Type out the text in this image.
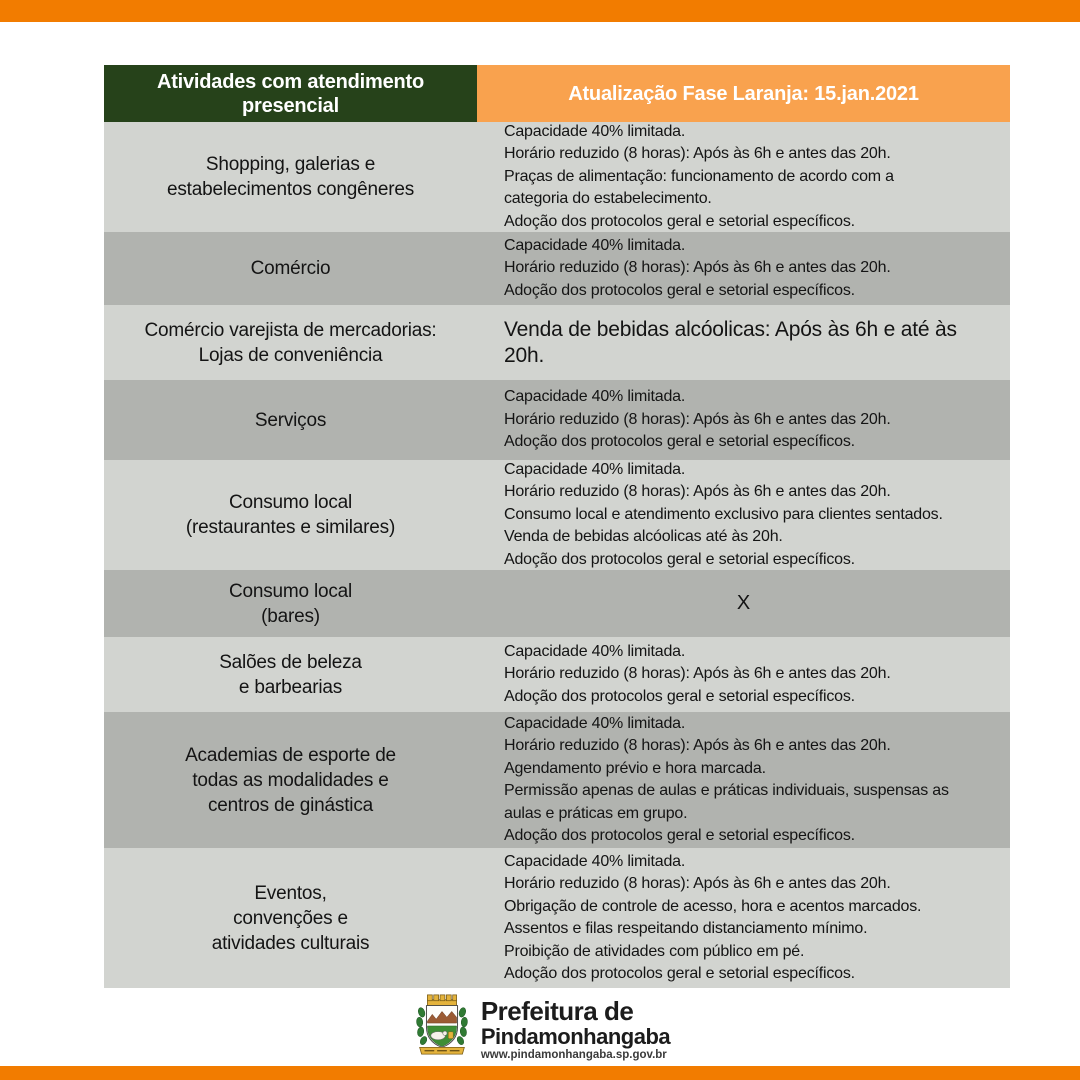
Atividades com atendimento
presencial
Atualização Fase Laranja: 15.jan.2021
Shopping, galerias e
estabelecimentos congêneres
Capacidade 40% limitada.
Horário reduzido (8 horas): Após às 6h e antes das 20h.
Praças de alimentação: funcionamento de acordo com a
categoria do estabelecimento.
Adoção dos protocolos geral e setorial específicos.
Comércio
Capacidade 40% limitada.
Horário reduzido (8 horas): Após às 6h e antes das 20h.
Adoção dos protocolos geral e setorial específicos.
Comércio varejista de mercadorias:
Lojas de conveniência
Venda de bebidas alcóolicas: Após às 6h e até às 20h.
Serviços
Capacidade 40% limitada.
Horário reduzido (8 horas): Após às 6h e antes das 20h.
Adoção dos protocolos geral e setorial específicos.
Consumo local
(restaurantes e similares)
Capacidade 40% limitada.
Horário reduzido (8 horas): Após às 6h e antes das 20h.
Consumo local e atendimento exclusivo para clientes sentados.
Venda de bebidas alcóolicas até às 20h.
Adoção dos protocolos geral e setorial específicos.
Consumo local
(bares)
X
Salões de beleza
e barbearias
Capacidade 40% limitada.
Horário reduzido (8 horas): Após às 6h e antes das 20h.
Adoção dos protocolos geral e setorial específicos.
Academias de esporte de
todas as modalidades e
centros de ginástica
Capacidade 40% limitada.
Horário reduzido (8 horas): Após às 6h e antes das 20h.
Agendamento prévio e hora marcada.
Permissão apenas de aulas e práticas individuais, suspensas as
aulas e práticas em grupo.
Adoção dos protocolos geral e setorial específicos.
Eventos,
convenções e
atividades culturais
Capacidade 40% limitada.
Horário reduzido (8 horas): Após às 6h e antes das 20h.
Obrigação de controle de acesso, hora e acentos marcados.
Assentos e filas respeitando distanciamento mínimo.
Proibição de atividades com público em pé.
Adoção dos protocolos geral e setorial específicos.
Prefeitura de
Pindamonhangaba
www.pindamonhangaba.sp.gov.br
